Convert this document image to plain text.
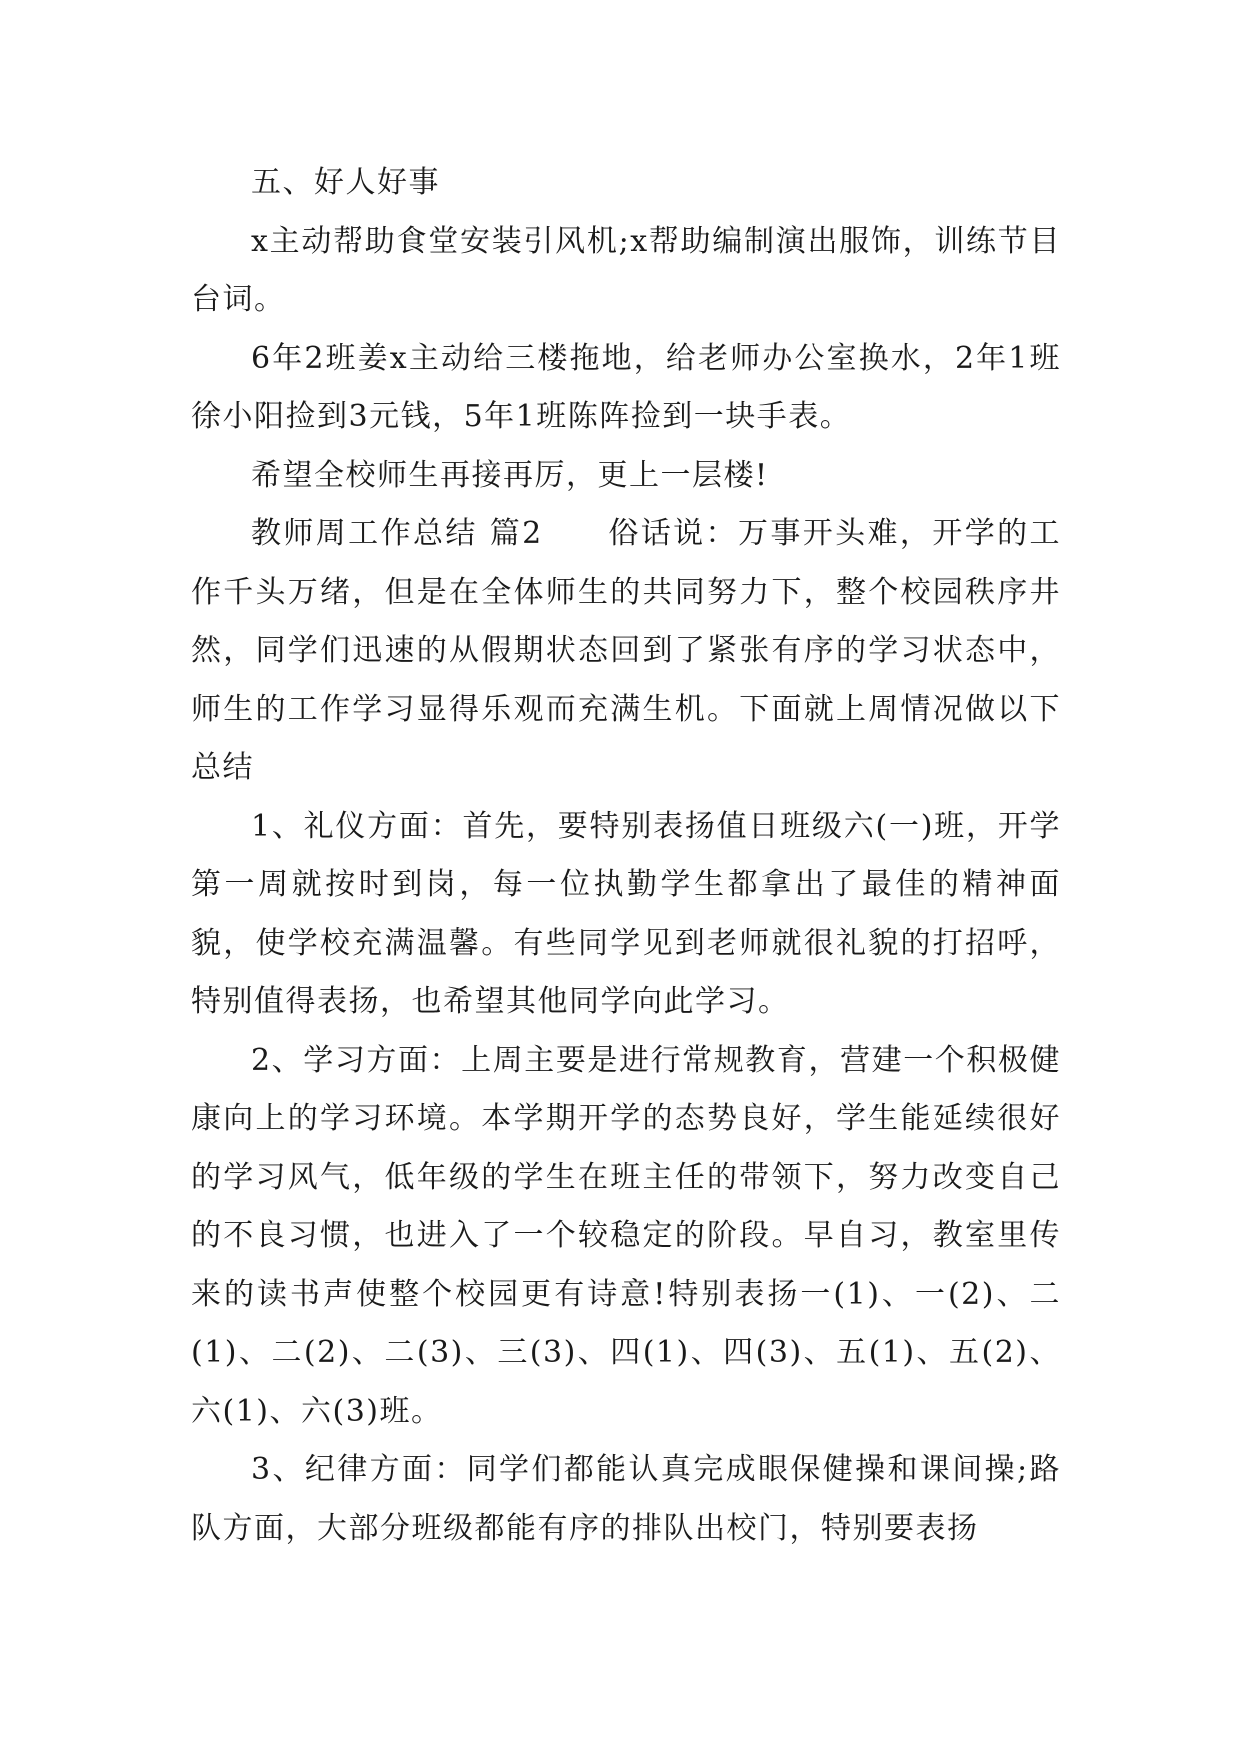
五、好人好事

x主动帮助食堂安装引风机;x帮助编制演出服饰，训练节目台词。

6年2班姜x主动给三楼拖地，给老师办公室换水，2年1班徐小阳捡到3元钱，5年1班陈阵捡到一块手表。

希望全校师生再接再厉，更上一层楼!

教师周工作总结 篇2　　俗话说：万事开头难，开学的工作千头万绪，但是在全体师生的共同努力下，整个校园秩序井然，同学们迅速的从假期状态回到了紧张有序的学习状态中，师生的工作学习显得乐观而充满生机。下面就上周情况做以下总结

1、礼仪方面：首先，要特别表扬值日班级六(一)班，开学第一周就按时到岗，每一位执勤学生都拿出了最佳的精神面貌，使学校充满温馨。有些同学见到老师就很礼貌的打招呼，特别值得表扬，也希望其他同学向此学习。

2、学习方面：上周主要是进行常规教育，营建一个积极健康向上的学习环境。本学期开学的态势良好，学生能延续很好的学习风气，低年级的学生在班主任的带领下，努力改变自己的不良习惯，也进入了一个较稳定的阶段。早自习，教室里传来的读书声使整个校园更有诗意!特别表扬一(1)、一(2)、二(1)、二(2)、二(3)、三(3)、四(1)、四(3)、五(1)、五(2)、六(1)、六(3)班。

3、纪律方面：同学们都能认真完成眼保健操和课间操;路队方面，大部分班级都能有序的排队出校门，特别要表扬
